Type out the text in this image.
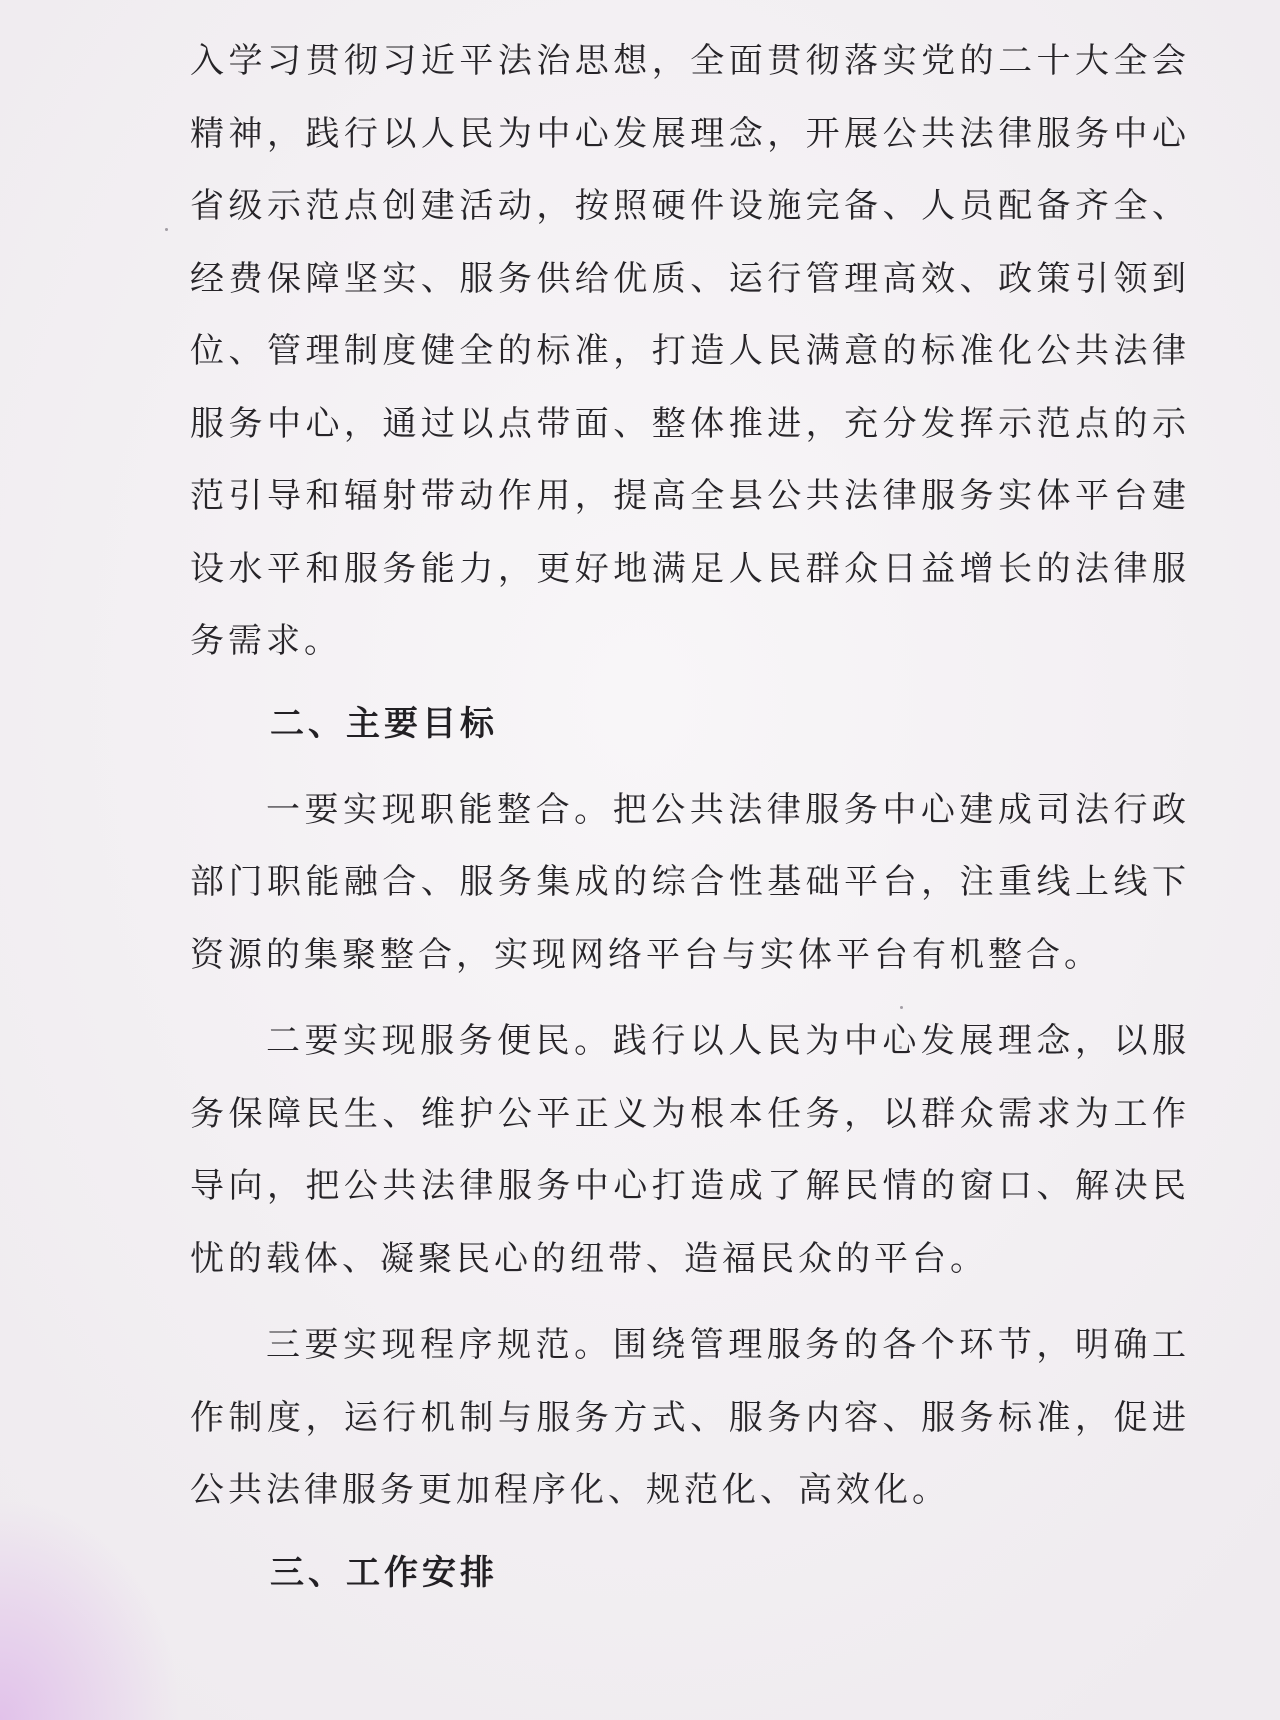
入学习贯彻习近平法治思想，全面贯彻落实党的二十大全会精神，践行以人民为中心发展理念，开展公共法律服务中心省级示范点创建活动，按照硬件设施完备、人员配备齐全、经费保障坚实、服务供给优质、运行管理高效、政策引领到位、管理制度健全的标准，打造人民满意的标准化公共法律服务中心，通过以点带面、整体推进，充分发挥示范点的示范引导和辐射带动作用，提高全县公共法律服务实体平台建设水平和服务能力，更好地满足人民群众日益增长的法律服务需求。

二、主要目标

一要实现职能整合。把公共法律服务中心建成司法行政部门职能融合、服务集成的综合性基础平台，注重线上线下资源的集聚整合，实现网络平台与实体平台有机整合。

二要实现服务便民。践行以人民为中心发展理念，以服务保障民生、维护公平正义为根本任务，以群众需求为工作导向，把公共法律服务中心打造成了解民情的窗口、解决民忧的载体、凝聚民心的纽带、造福民众的平台。

三要实现程序规范。围绕管理服务的各个环节，明确工作制度，运行机制与服务方式、服务内容、服务标准，促进公共法律服务更加程序化、规范化、高效化。

三、工作安排
